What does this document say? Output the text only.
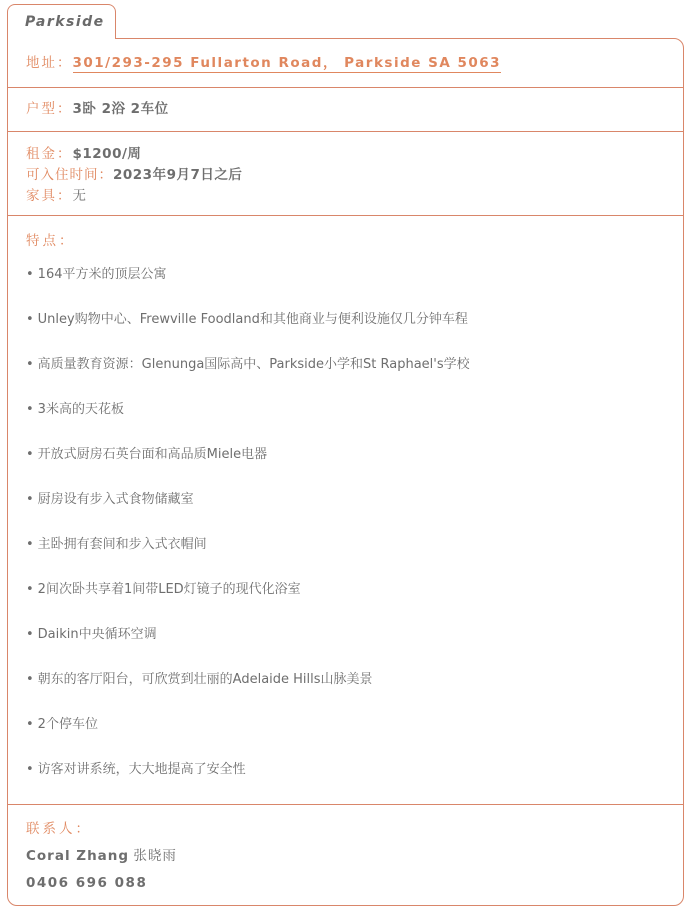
Parkside
地址：301/293-295 Fullarton Road， Parkside SA 5063
户型：3卧 2浴 2车位
租金：$1200/周
可入住时间：2023年9月7日之后
家具：无
特点：
• 164平方米的顶层公寓
• Unley购物中心、Frewville Foodland和其他商业与便利设施仅几分钟车程
• 高质量教育资源：Glenunga国际高中、Parkside小学和St Raphael's学校
• 3米高的天花板
• 开放式厨房石英台面和高品质Miele电器
• 厨房设有步入式食物储藏室
• 主卧拥有套间和步入式衣帽间
• 2间次卧共享着1间带LED灯镜子的现代化浴室
• Daikin中央循环空调
• 朝东的客厅阳台，可欣赏到壮丽的Adelaide Hills山脉美景
• 2个停车位
• 访客对讲系统，大大地提高了安全性
联系人：
Coral Zhang 张晓雨
0406 696 088
